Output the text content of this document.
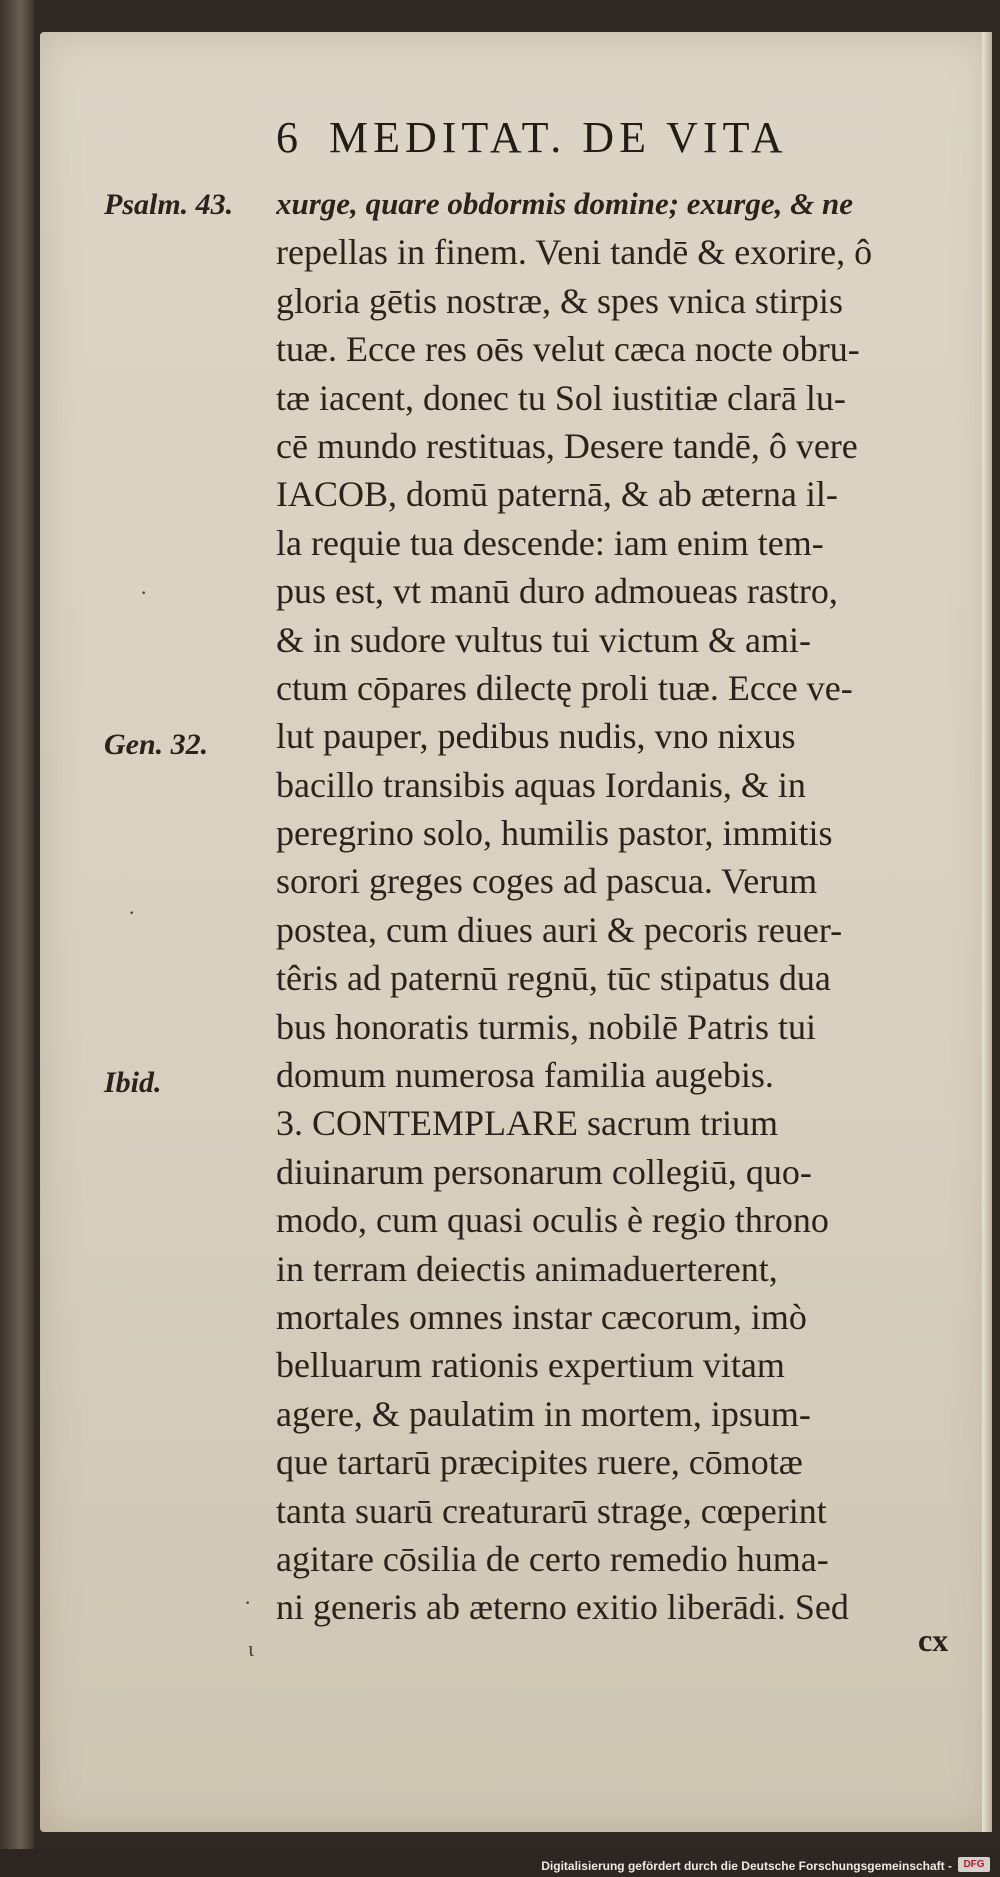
6 MEDITAT. DE VITA
Psalm. 43.
Gen. 32.
Ibid.
xurge, quare obdormis domine; exurge, & ne
repellas in finem. Veni tandē & exorire, ô
gloria gētis nostræ, & spes vnica stirpis
tuæ. Ecce res oēs velut cæca nocte obru-
tæ iacent, donec tu Sol iustitiæ clarā lu-
cē mundo restituas, Desere tandē, ô vere
IACOB, domū paternā, & ab æterna il-
la requie tua descende: iam enim tem-
pus est, vt manū duro admoueas rastro,
& in sudore vultus tui victum & ami-
ctum cōpares dilectę proli tuæ. Ecce ve-
lut pauper, pedibus nudis, vno nixus
bacillo transibis aquas Iordanis, & in
peregrino solo, humilis pastor, immitis
sorori greges coges ad pascua. Verum
postea, cum diues auri & pecoris reuer-
têris ad paternū regnū, tūc stipatus dua
bus honoratis turmis, nobilē Patris tui
domum numerosa familia augebis.
3. CONTEMPLARE sacrum trium
diuinarum personarum collegiū, quo-
modo, cum quasi oculis è regio throno
in terram deiectis animaduerterent,
mortales omnes instar cæcorum, imò
belluarum rationis expertium vitam
agere, & paulatim in mortem, ipsum-
que tartarū præcipites ruere, cōmotæ
tanta suarū creaturarū strage, cœperint
agitare cōsilia de certo remedio huma-
ni generis ab æterno exitio liberādi. Sed
cx
·
·
·
ι
Digitalisierung gefördert durch die Deutsche Forschungsgemeinschaft -	DFG
